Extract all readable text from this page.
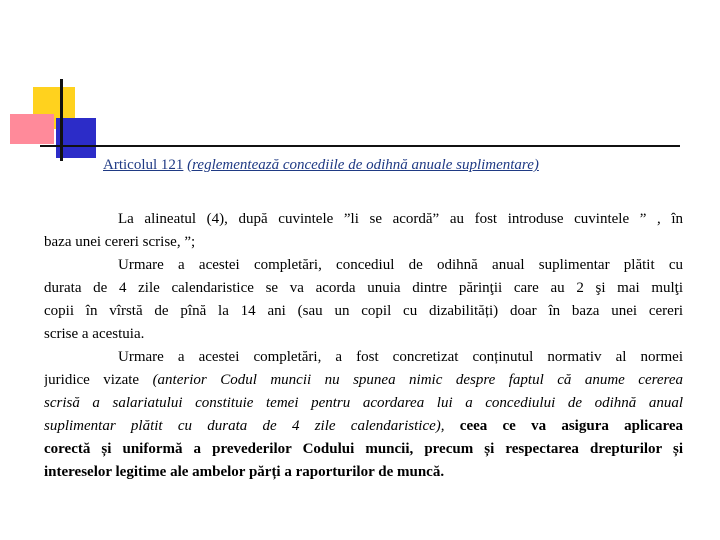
Articolul 121 (reglementează concediile de odihnă anuale suplimentare)
La alineatul (4), după cuvintele ”li se acordă” au fost introduse cuvintele ” , în
baza unei cereri scrise, ”;
Urmare a acestei completări, concediul de odihnă anual suplimentar plătit cu
durata de 4 zile calendaristice se va acorda unuia dintre părinţii care au 2 şi mai mulţi
copii în vîrstă de pînă la 14 ani (sau un copil cu dizabilități) doar în baza unei cereri
scrise a acestuia.
Urmare a acestei completări, a fost concretizat conținutul normativ al normei
juridice vizate (anterior Codul muncii nu spunea nimic despre faptul că anume cererea
scrisă a salariatului constituie temei pentru acordarea lui a concediului de odihnă anual
suplimentar plătit cu durata de 4 zile calendaristice), ceea ce va asigura aplicarea
corectă și uniformă a prevederilor Codului muncii, precum și respectarea drepturilor și
intereselor legitime ale ambelor părți a raporturilor de muncă.
